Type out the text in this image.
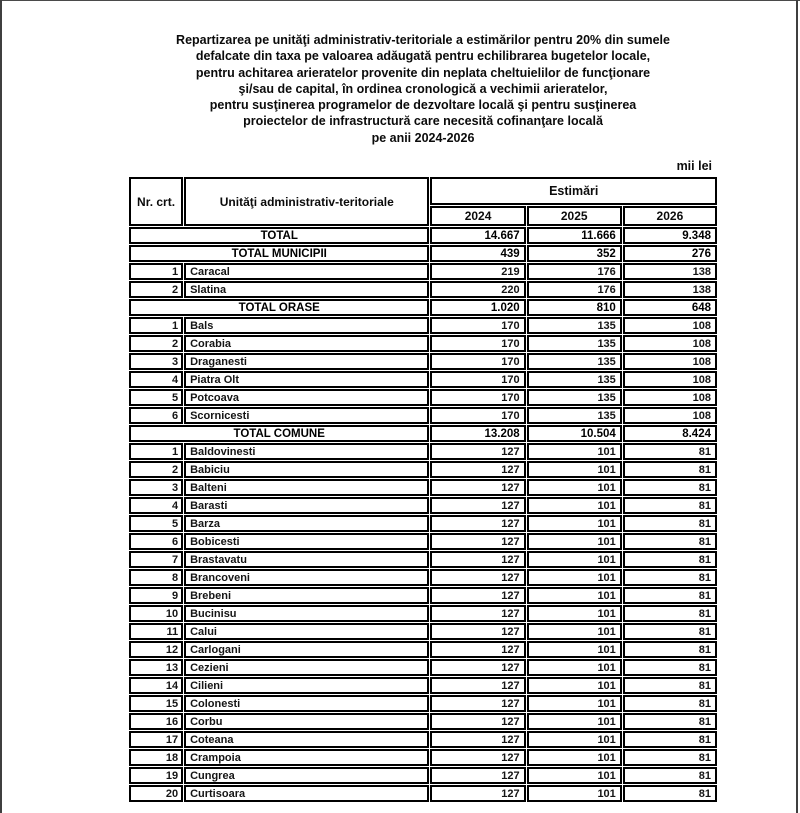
Repartizarea pe unităţi administrativ-teritoriale a estimărilor pentru 20% din sumele
defalcate din taxa pe valoarea adăugată pentru echilibrarea bugetelor locale,
pentru achitarea arieratelor provenite din neplata cheltuielilor de funcţionare
şi/sau de capital, în ordinea cronologică a vechimii arieratelor,
pentru susţinerea programelor de dezvoltare locală şi pentru susţinerea
proiectelor de infrastructură care necesită cofinanţare locală
pe anii 2024-2026
mii lei
Nr. crt.	Unităţi administrativ-teritoriale	Estimări		
		2024	2025	2026
TOTAL		14.667	11.666	9.348
TOTAL MUNICIPII		439	352	276
1	Caracal	219	176	138
2	Slatina	220	176	138
TOTAL ORASE		1.020	810	648
1	Bals	170	135	108
2	Corabia	170	135	108
3	Draganesti	170	135	108
4	Piatra Olt	170	135	108
5	Potcoava	170	135	108
6	Scornicesti	170	135	108
TOTAL COMUNE		13.208	10.504	8.424
1	Baldovinesti	127	101	81
2	Babiciu	127	101	81
3	Balteni	127	101	81
4	Barasti	127	101	81
5	Barza	127	101	81
6	Bobicesti	127	101	81
7	Brastavatu	127	101	81
8	Brancoveni	127	101	81
9	Brebeni	127	101	81
10	Bucinisu	127	101	81
11	Calui	127	101	81
12	Carlogani	127	101	81
13	Cezieni	127	101	81
14	Cilieni	127	101	81
15	Colonesti	127	101	81
16	Corbu	127	101	81
17	Coteana	127	101	81
18	Crampoia	127	101	81
19	Cungrea	127	101	81
20	Curtisoara	127	101	81
